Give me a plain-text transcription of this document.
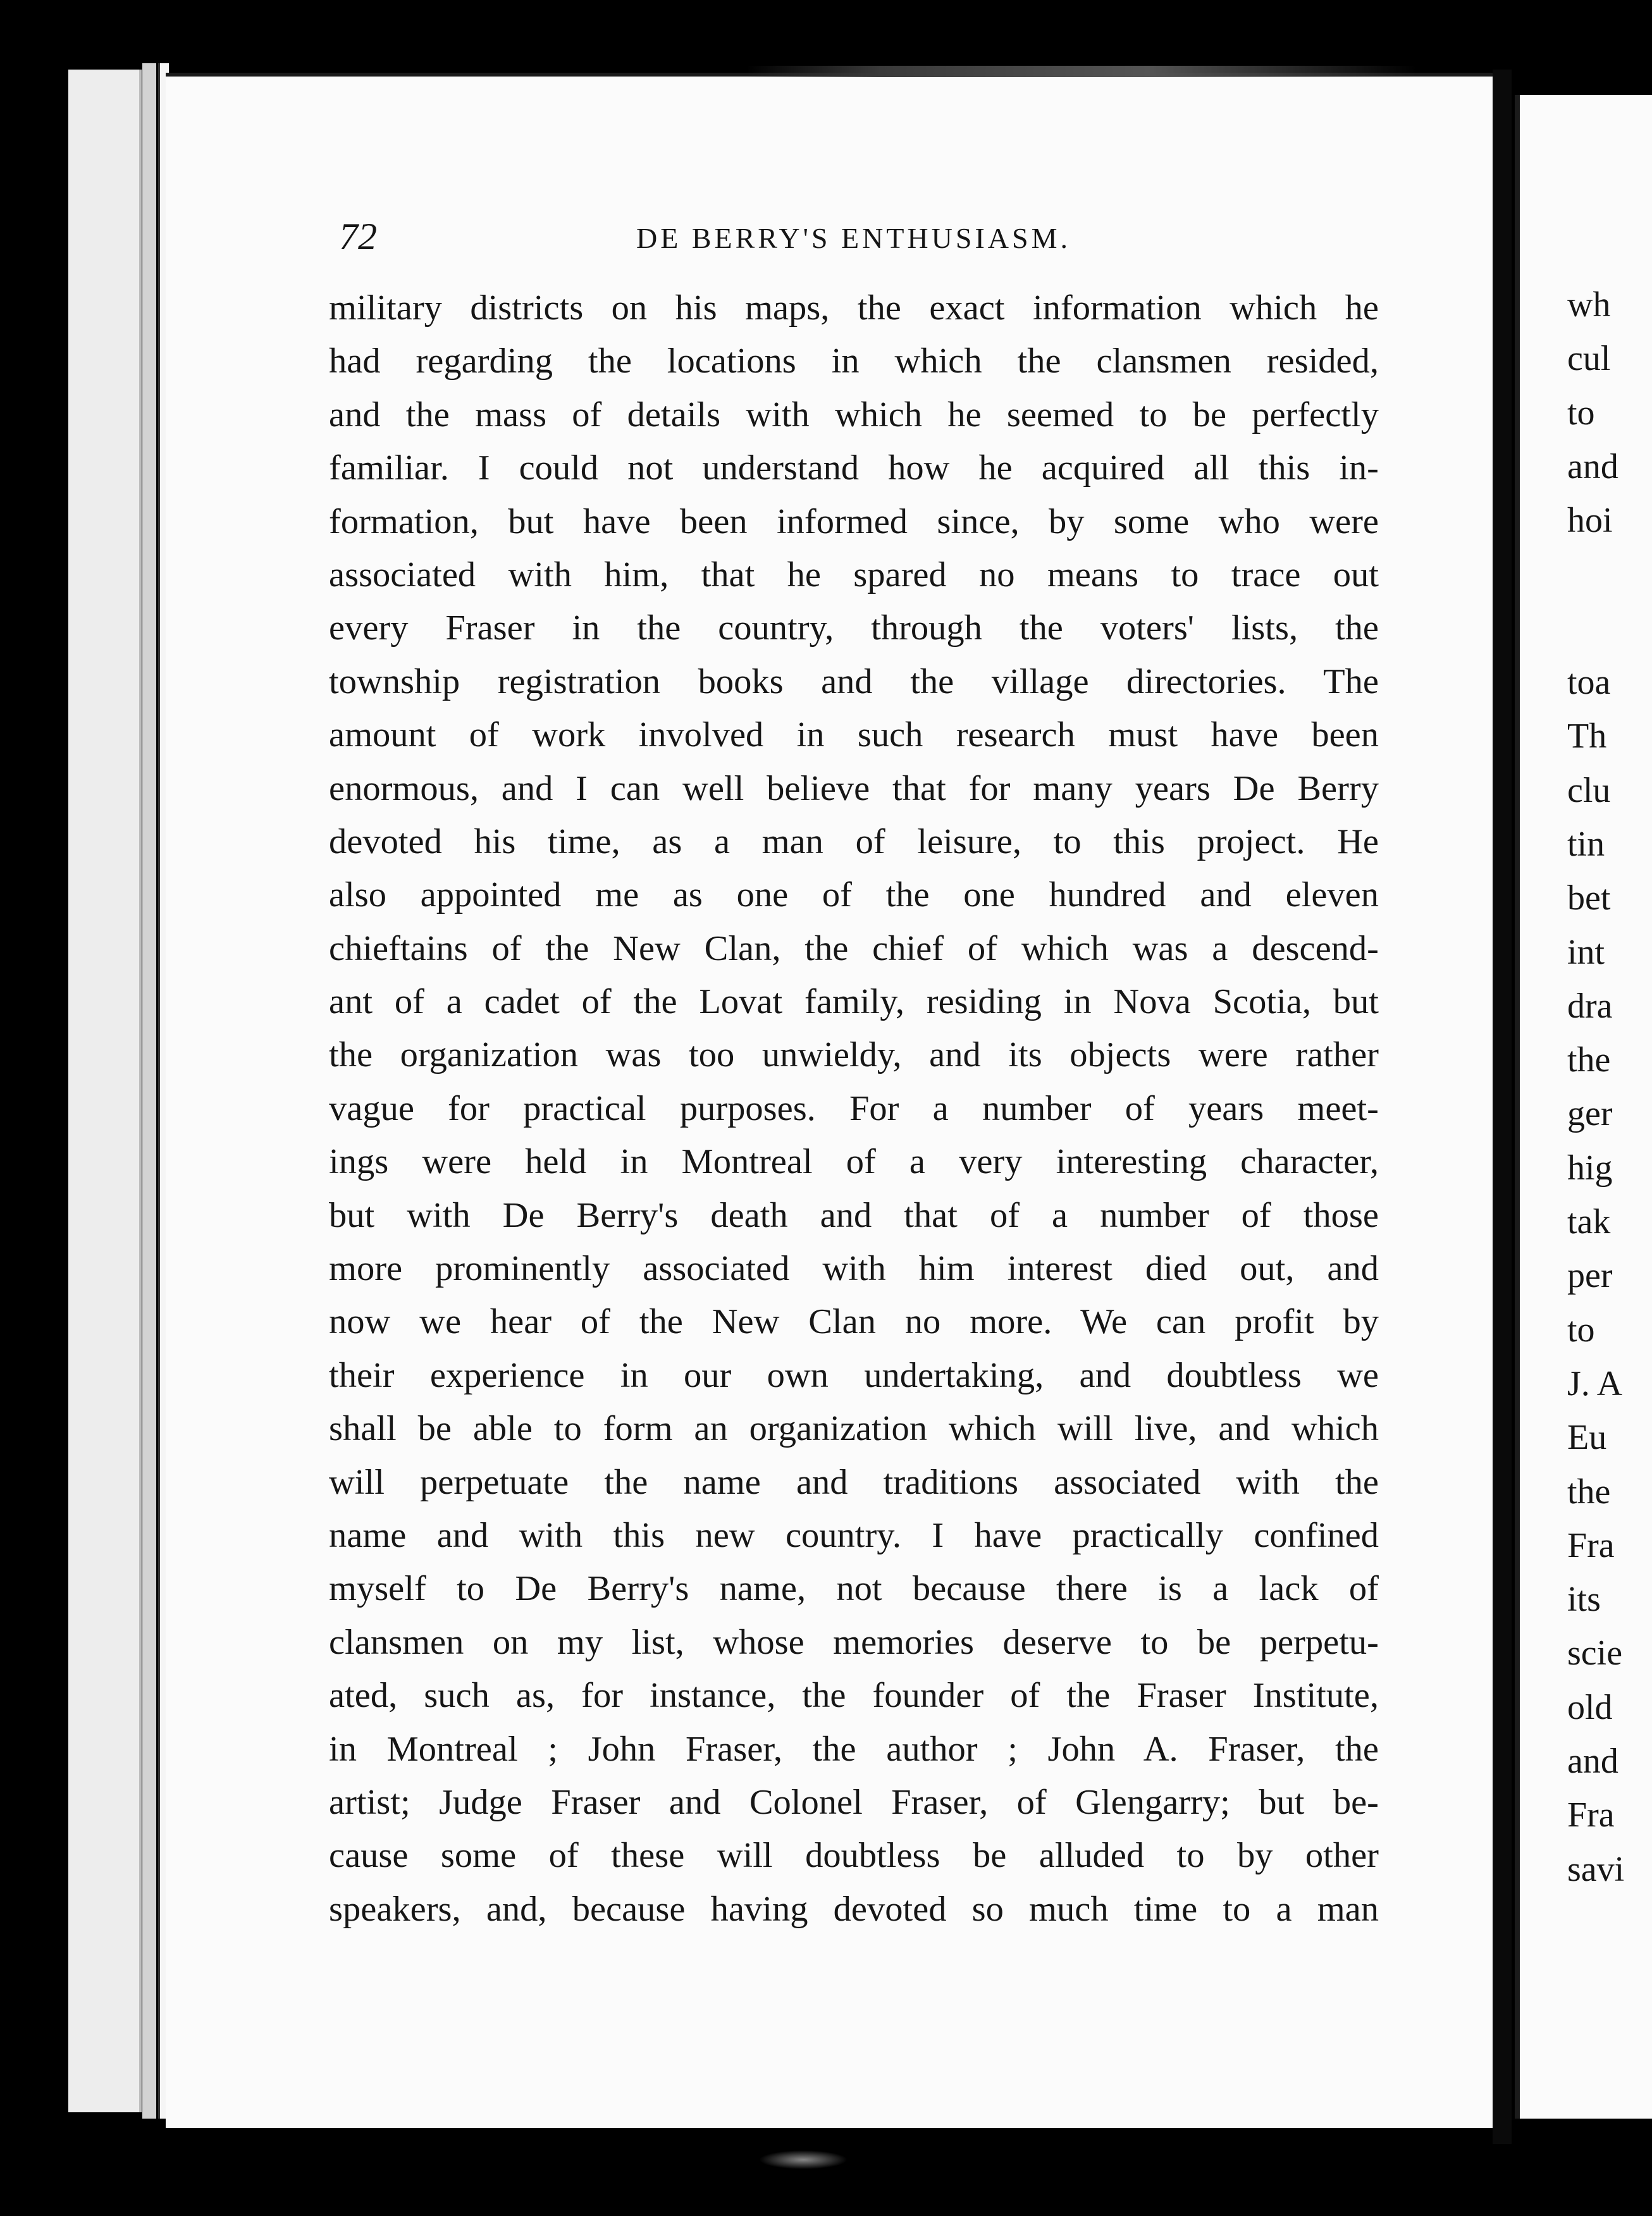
72	DE BERRY'S ENTHUSIASM.
military districts on his maps, the exact information which he
had regarding the locations in which the clansmen resided,
and the mass of details with which he seemed to be perfectly
familiar. I could not understand how he acquired all this in-
formation, but have been informed since, by some who were
associated with him, that he spared no means to trace out
every Fraser in the country, through the voters' lists, the
township registration books and the village directories. The
amount of work involved in such research must have been
enormous, and I can well believe that for many years De Berry
devoted his time, as a man of leisure, to this project. He
also appointed me as one of the one hundred and eleven
chieftains of the New Clan, the chief of which was a descend-
ant of a cadet of the Lovat family, residing in Nova Scotia, but
the organization was too unwieldy, and its objects were rather
vague for practical purposes. For a number of years meet-
ings were held in Montreal of a very interesting character,
but with De Berry's death and that of a number of those
more prominently associated with him interest died out, and
now we hear of the New Clan no more. We can profit by
their experience in our own undertaking, and doubtless we
shall be able to form an organization which will live, and which
will perpetuate the name and traditions associated with the
name and with this new country. I have practically confined
myself to De Berry's name, not because there is a lack of
clansmen on my list, whose memories deserve to be perpetu-
ated, such as, for instance, the founder of the Fraser Institute,
in Montreal ; John Fraser, the author ; John A. Fraser, the
artist; Judge Fraser and Colonel Fraser, of Glengarry; but be-
cause some of these will doubtless be alluded to by other
speakers, and, because having devoted so much time to a man
wh
cul
to
and
hoi
toa
Th
clu
tin
bet
int
dra
the
ger
hig
tak
per
to
J. A
Eu
the
Fra
its
scie
old
and
Fra
savi
